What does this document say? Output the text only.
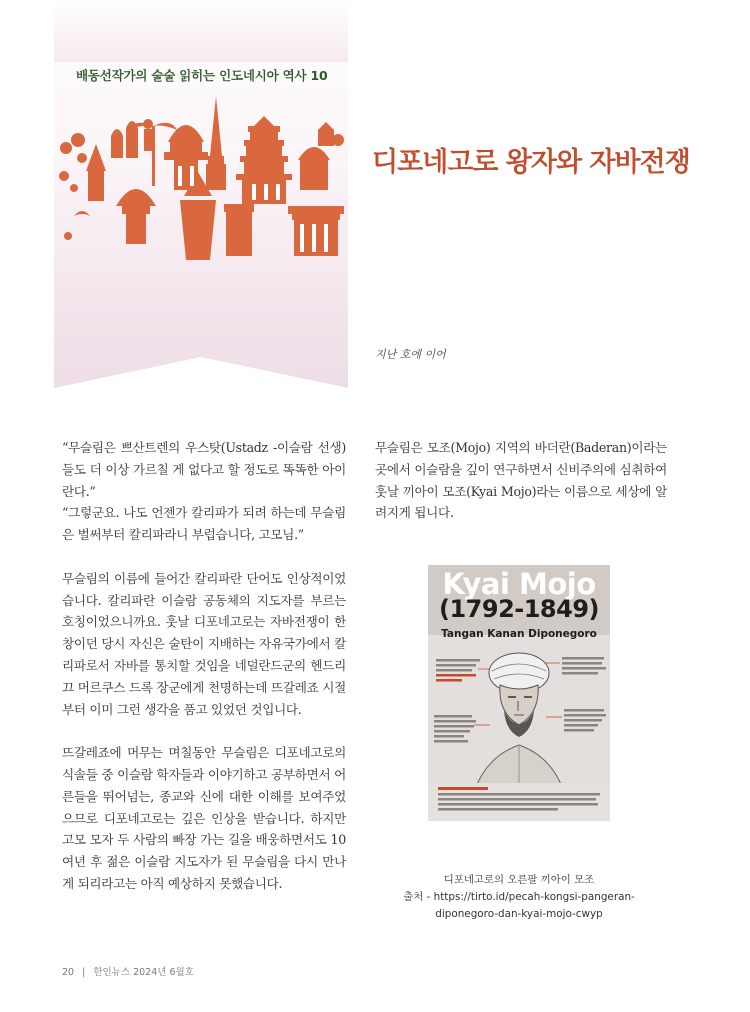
배동선작가의 술술 읽히는 인도네시아 역사 10
디포네고로 왕자와 자바전쟁
지난 호에 이어

“무슬림은 쁘산트렌의 우스탓(Ustadz -이슬람 선생)들도 더 이상 가르칠 게 없다고 할 정도로 똑똑한 아이란다.”

“그렇군요. 나도 언젠가 칼리파가 되려 하는데 무슬림은 벌써부터 칼리파라니 부럽습니다, 고모님.”

무슬림의 이름에 들어간 칼리파란 단어도 인상적이었습니다. 칼리파란 이슬람 공동체의 지도자를 부르는 호칭이었으니까요. 훗날 디포네고로는 자바전쟁이 한창이던 당시 자신은 술탄이 지배하는 자유국가에서 칼리파로서 자바를 통치할 것임을 네덜란드군의 헨드리끄 머르쿠스 드록 장군에게 천명하는데 뜨갈레죠 시절부터 이미 그런 생각을 품고 있었던 것입니다.

뜨갈레죠에 머무는 며칠동안 무슬림은 디포네고로의 식솔들 중 이슬람 학자들과 이야기하고 공부하면서 어른들을 뛰어넘는, 종교와 신에 대한 이해를 보여주었으므로 디포네고로는 깊은 인상을 받습니다. 하지만 고모 모자 두 사람의 빠장 가는 길을 배웅하면서도 10여년 후 젊은 이슬람 지도자가 된 무슬림을 다시 만나게 되리라고는 아직 예상하지 못했습니다.

무슬림은 모조(Mojo) 지역의 바더란(Baderan)이라는 곳에서 이슬람을 깊이 연구하면서 신비주의에 심취하여 훗날 끼아이 모조(Kyai Mojo)라는 이름으로 세상에 알려지게 됩니다.

Kyai Mojo
(1792-1849)
Tangan Kanan Diponegoro
디포네고로의 오른팔 끼아이 모조
출처 - https://tirto.id/pecah-kongsi-pangeran-
diponegoro-dan-kyai-mojo-cwyp
20 | 한인뉴스 2024년 6월호
